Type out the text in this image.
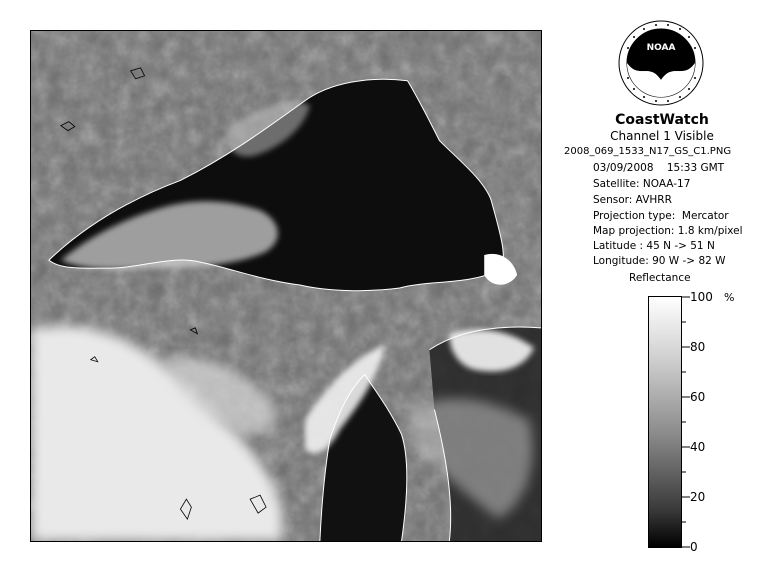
NOAA
CoastWatch
Channel 1 Visible
2008_069_1533_N17_GS_C1.PNG
03/09/2008    15:33 GMT
Satellite: NOAA-17
Sensor: AVHRR
Projection type:  Mercator
Map projection: 1.8 km/pixel
Latitude : 45 N -> 51 N
Longitude: 90 W -> 82 W
Reflectance
100
80
60
40
20
0
%
